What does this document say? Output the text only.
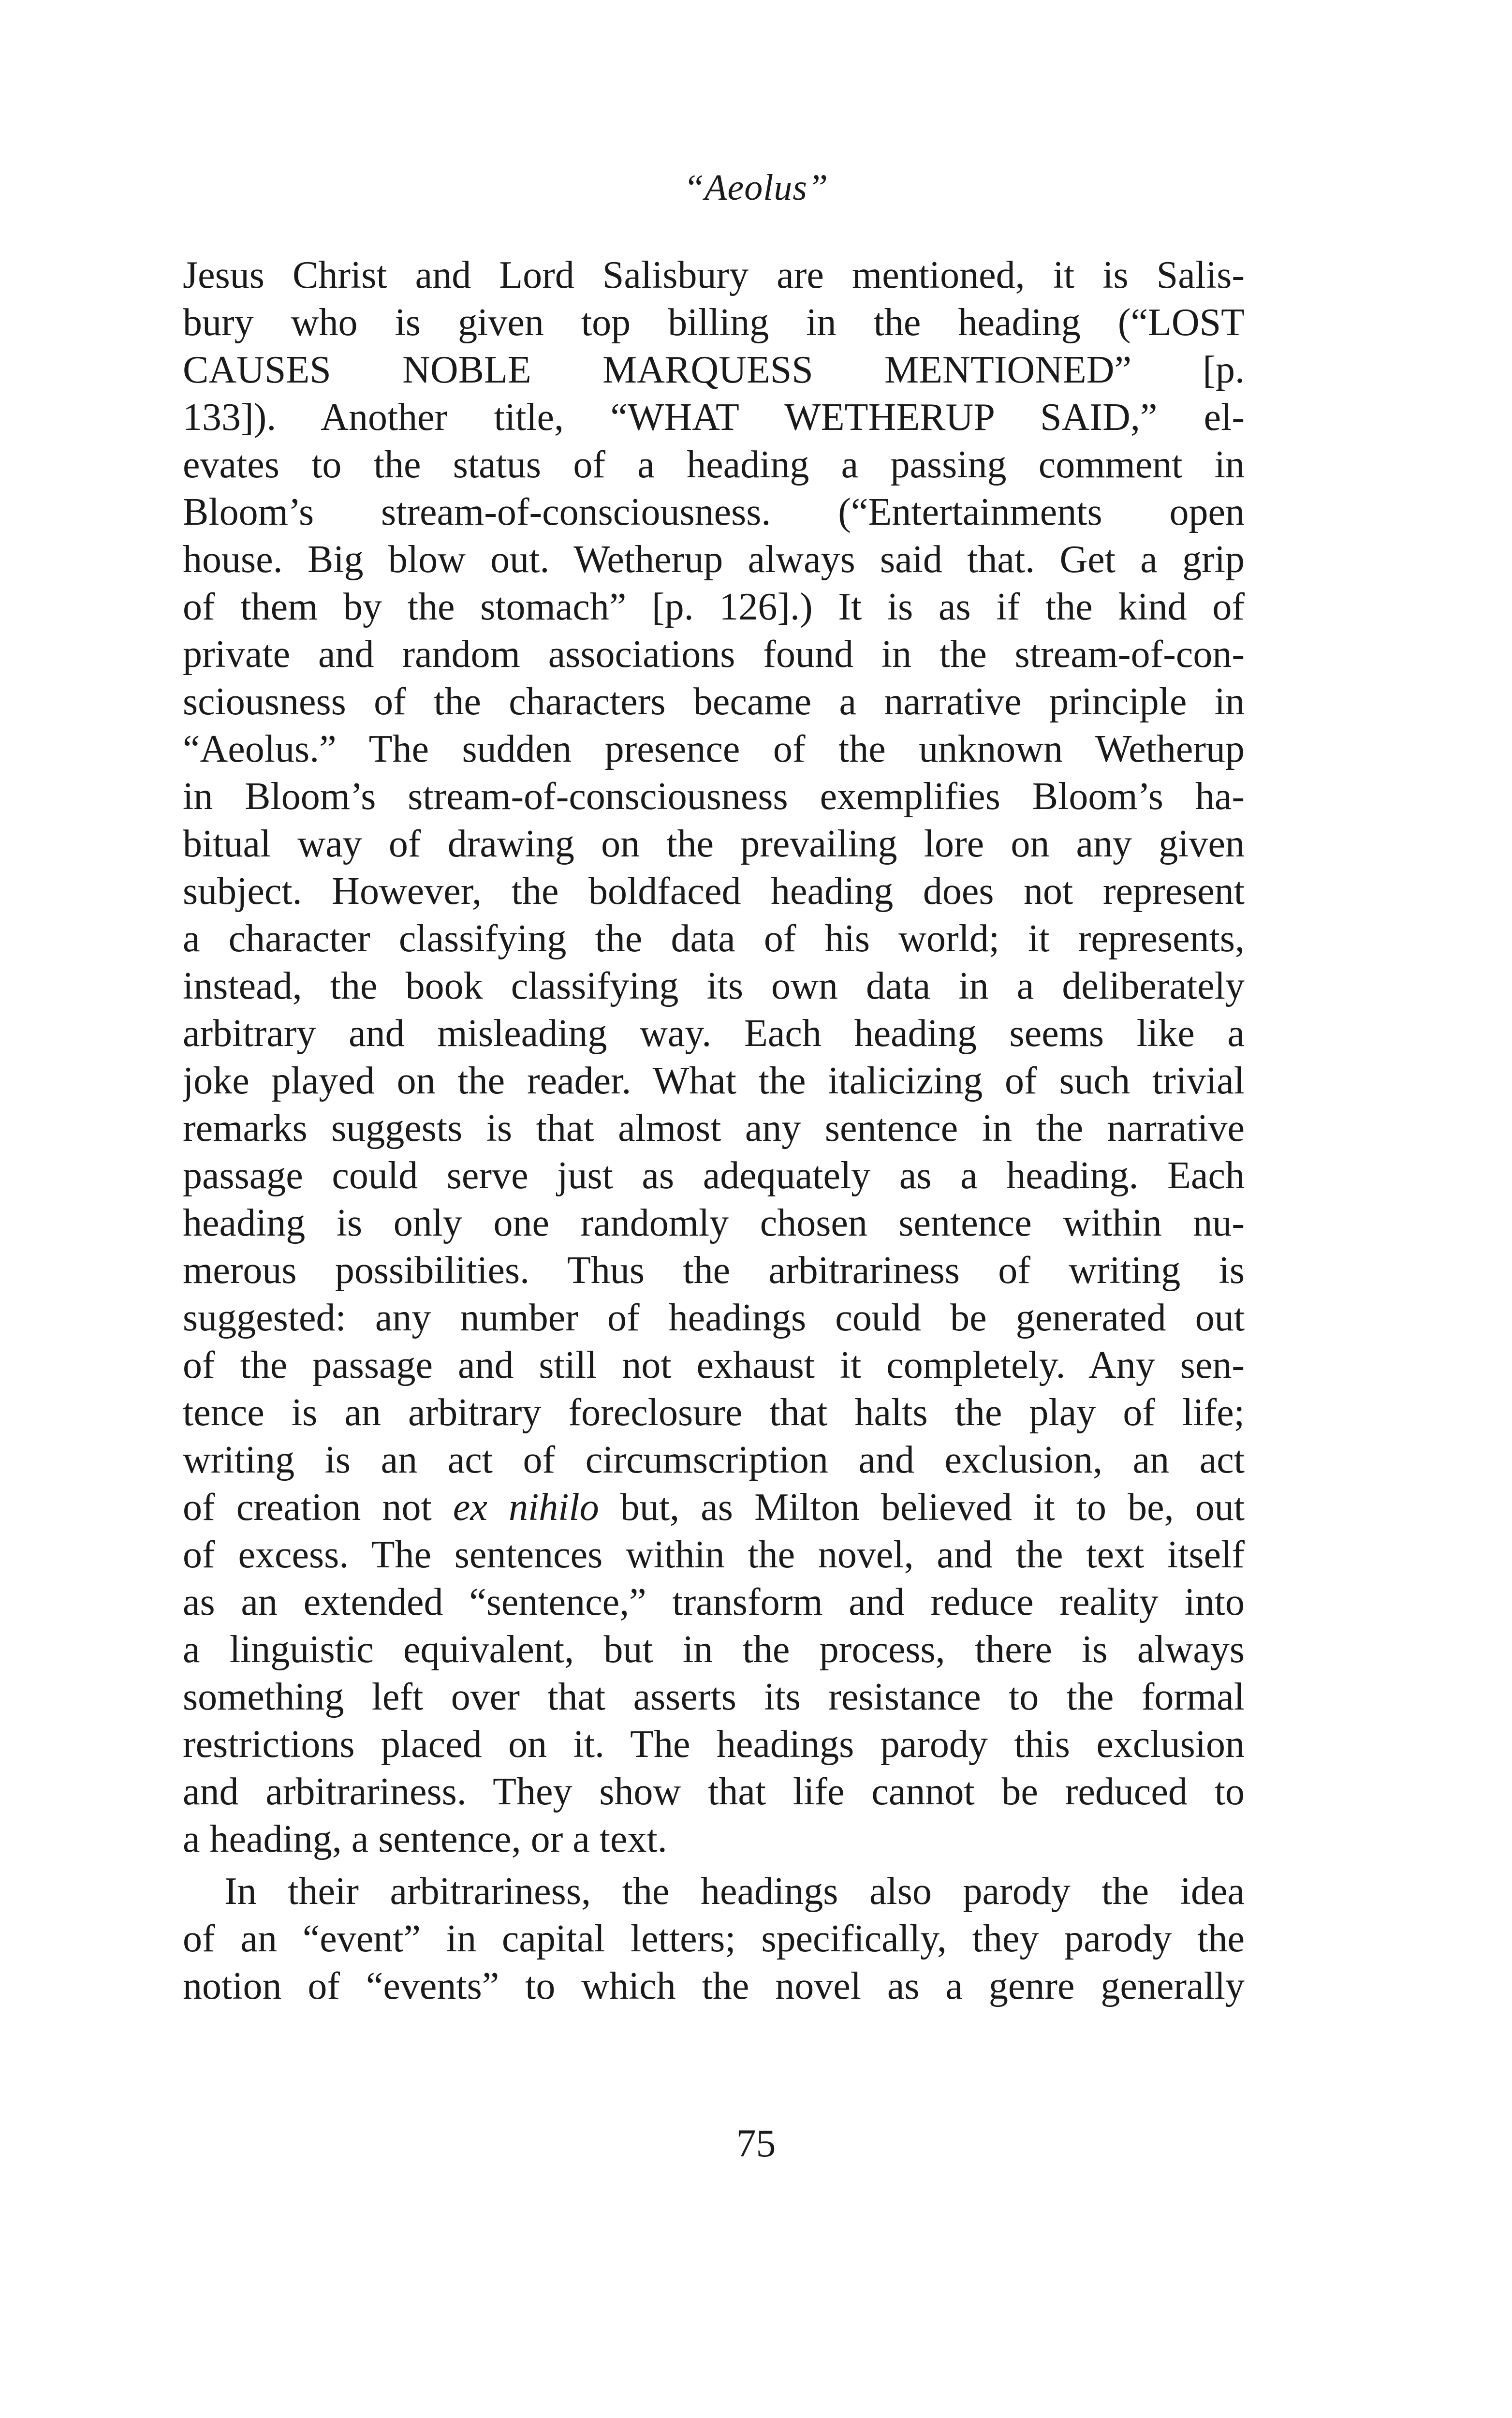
“Aeolus”
Jesus Christ and Lord Salisbury are mentioned, it is Salis-
bury who is given top billing in the heading (“LOST
CAUSES NOBLE MARQUESS MENTIONED” [p.
133]). Another title, “WHAT WETHERUP SAID,” el-
evates to the status of a heading a passing comment in
Bloom’s stream-of-consciousness. (“Entertainments open
house. Big blow out. Wetherup always said that. Get a grip
of them by the stomach” [p. 126].) It is as if the kind of
private and random associations found in the stream-of-con-
sciousness of the characters became a narrative principle in
“Aeolus.” The sudden presence of the unknown Wetherup
in Bloom’s stream-of-consciousness exemplifies Bloom’s ha-
bitual way of drawing on the prevailing lore on any given
subject. However, the boldfaced heading does not represent
a character classifying the data of his world; it represents,
instead, the book classifying its own data in a deliberately
arbitrary and misleading way. Each heading seems like a
joke played on the reader. What the italicizing of such trivial
remarks suggests is that almost any sentence in the narrative
passage could serve just as adequately as a heading. Each
heading is only one randomly chosen sentence within nu-
merous possibilities. Thus the arbitrariness of writing is
suggested: any number of headings could be generated out
of the passage and still not exhaust it completely. Any sen-
tence is an arbitrary foreclosure that halts the play of life;
writing is an act of circumscription and exclusion, an act
of creation not ex nihilo but, as Milton believed it to be, out
of excess. The sentences within the novel, and the text itself
as an extended “sentence,” transform and reduce reality into
a linguistic equivalent, but in the process, there is always
something left over that asserts its resistance to the formal
restrictions placed on it. The headings parody this exclusion
and arbitrariness. They show that life cannot be reduced to
a heading, a sentence, or a text.
In their arbitrariness, the headings also parody the idea
of an “event” in capital letters; specifically, they parody the
notion of “events” to which the novel as a genre generally
75
